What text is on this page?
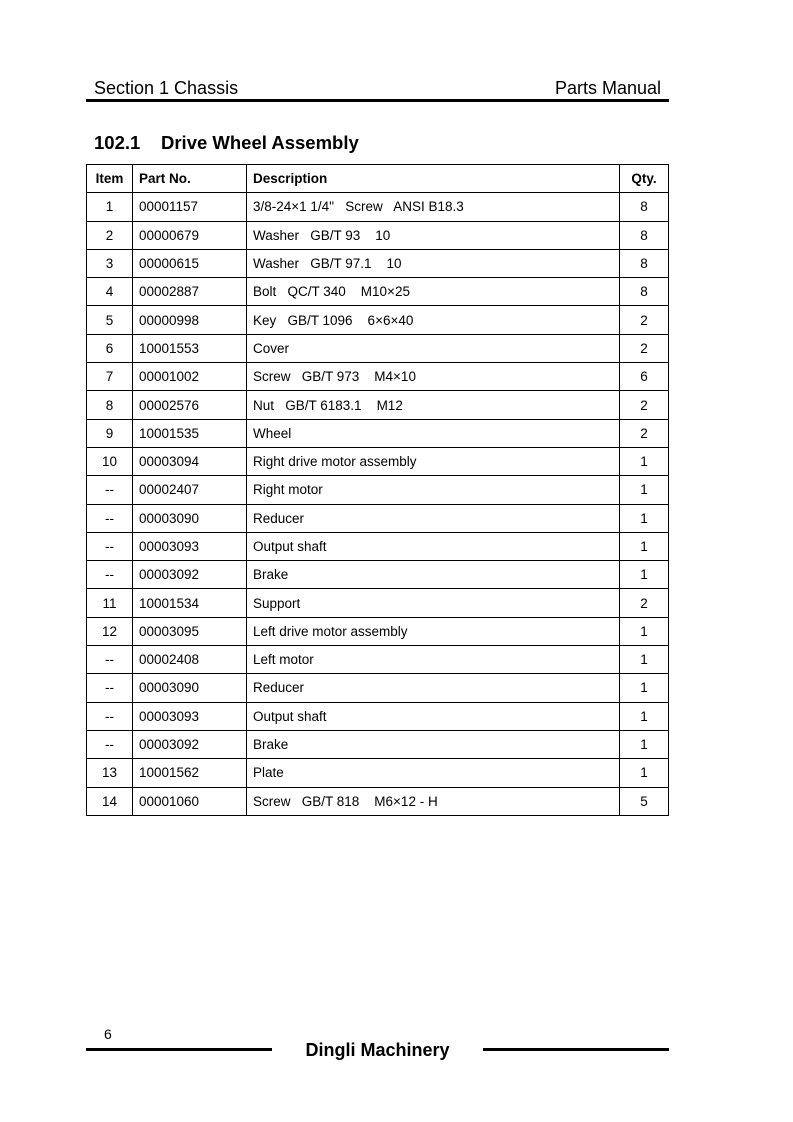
Section 1 Chassis	Parts Manual
102.1 Drive Wheel Assembly
Item	Part No.	Description	Qty.
1	00001157	3/8-24×1 1/4"   Screw   ANSI B18.3	8
2	00000679	Washer   GB/T 93    10	8
3	00000615	Washer   GB/T 97.1    10	8
4	00002887	Bolt   QC/T 340    M10×25	8
5	00000998	Key   GB/T 1096    6×6×40	2
6	10001553	Cover	2
7	00001002	Screw   GB/T 973    M4×10	6
8	00002576	Nut   GB/T 6183.1    M12	2
9	10001535	Wheel	2
10	00003094	Right drive motor assembly	1
--	00002407	Right motor	1
--	00003090	Reducer	1
--	00003093	Output shaft	1
--	00003092	Brake	1
11	10001534	Support	2
12	00003095	Left drive motor assembly	1
--	00002408	Left motor	1
--	00003090	Reducer	1
--	00003093	Output shaft	1
--	00003092	Brake	1
13	10001562	Plate	1
14	00001060	Screw   GB/T 818    M6×12 - H	5
6
Dingli Machinery
